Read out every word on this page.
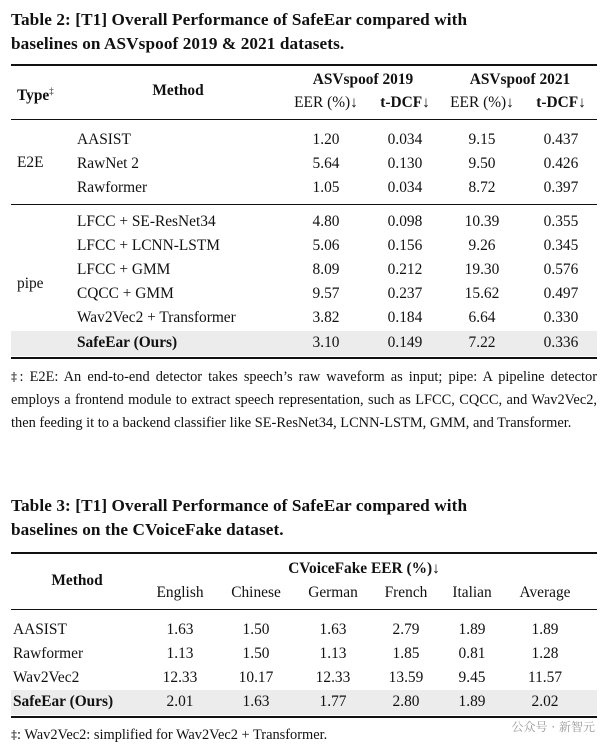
Table 2: [T1] Overall Performance of SafeEar compared with
baselines on ASVspoof 2019 & 2021 datasets.
Type‡	Method
ASVspoof 2019	ASVspoof 2021
EER (%)↓ t-DCF↓ EER (%)↓ t-DCF↓
E2E
AASIST	1.20	0.034	9.15	0.437
RawNet 2	5.64	0.130	9.50	0.426
Rawformer	1.05	0.034	8.72	0.397
pipe
LFCC + SE-ResNet34	4.80	0.098	10.39	0.355
LFCC + LCNN-LSTM	5.06	0.156	9.26	0.345
LFCC + GMM	8.09	0.212	19.30	0.576
CQCC + GMM	9.57	0.237	15.62	0.497
Wav2Vec2 + Transformer	3.82	0.184	6.64	0.330
SafeEar (Ours)	3.10	0.149	7.22	0.336
‡: E2E: An end-to-end detector takes speech’s raw waveform as input; pipe: A pipeline detector employs a frontend module to extract speech representation, such as LFCC, CQCC, and Wav2Vec2, then feeding it to a backend classifier like SE-ResNet34, LCNN-LSTM, GMM, and Transformer.
Table 3: [T1] Overall Performance of SafeEar compared with
baselines on the CVoiceFake dataset.
Method
CVoiceFake EER (%)↓
English Chinese German French Italian Average
AASIST	1.63	1.50	1.63	2.79	1.89	1.89
Rawformer	1.13	1.50	1.13	1.85	0.81	1.28
Wav2Vec2	12.33	10.17	12.33 13.59 9.45	11.57
SafeEar (Ours)	2.01	1.63	1.77	2.80	1.89	2.02
‡: Wav2Vec2: simplified for Wav2Vec2 + Transformer.	公众号 · 新智元
